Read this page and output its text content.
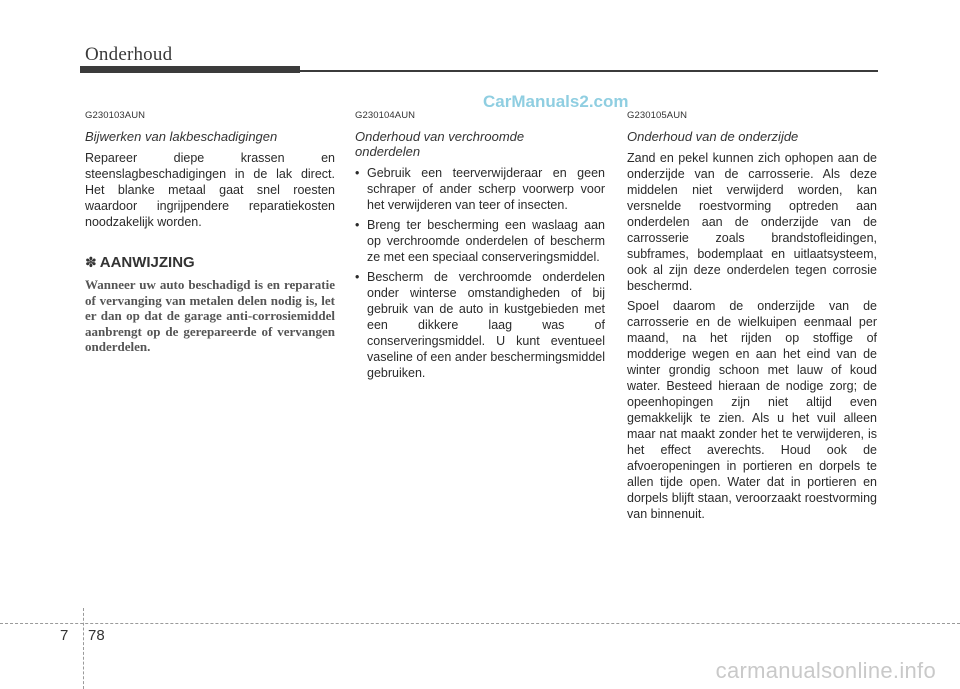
Onderhoud
CarManuals2.com
G230103AUN
Bijwerken van lakbeschadigingen

Repareer diepe krassen en steenslagbeschadigingen in de lak direct. Het blanke metaal gaat snel roesten waardoor ingrijpendere reparatiekosten noodzakelijk worden.

✽ AANWIJZING
Wanneer uw auto beschadigd is en reparatie of vervanging van metalen delen nodig is, let er dan op dat de garage anti-corrosiemiddel aanbrengt op de gerepareerde of vervangen onderdelen.
G230104AUN
Onderhoud van verchroomde
onderdelen
• Gebruik een teerverwijderaar en geen schraper of ander scherp voorwerp voor het verwijderen van teer of insecten.
• Breng ter bescherming een waslaag aan op verchroomde onderdelen of bescherm ze met een speciaal conserveringsmiddel.
• Bescherm de verchroomde onderdelen onder winterse omstandigheden of bij gebruik van de auto in kustgebieden met een dikkere laag was of conserveringsmiddel. U kunt eventueel vaseline of een ander beschermingsmiddel gebruiken.
G230105AUN
Onderhoud van de onderzijde

Zand en pekel kunnen zich ophopen aan de onderzijde van de carrosserie. Als deze middelen niet verwijderd worden, kan versnelde roestvorming optreden aan onderdelen aan de onderzijde van de carrosserie zoals brandstofleidingen, subframes, bodemplaat en uitlaatsysteem, ook al zijn deze onderdelen tegen corrosie beschermd.

Spoel daarom de onderzijde van de carrosserie en de wielkuipen eenmaal per maand, na het rijden op stoffige of modderige wegen en aan het eind van de winter grondig schoon met lauw of koud water. Besteed hieraan de nodige zorg; de opeenhopingen zijn niet altijd even gemakkelijk te zien. Als u het vuil alleen maar nat maakt zonder het te verwijderen, is het effect averechts. Houd ook de afvoeropeningen in portieren en dorpels te allen tijde open. Water dat in portieren en dorpels blijft staan, veroorzaakt roestvorming van binnenuit.

7 78
carmanualsonline.info
